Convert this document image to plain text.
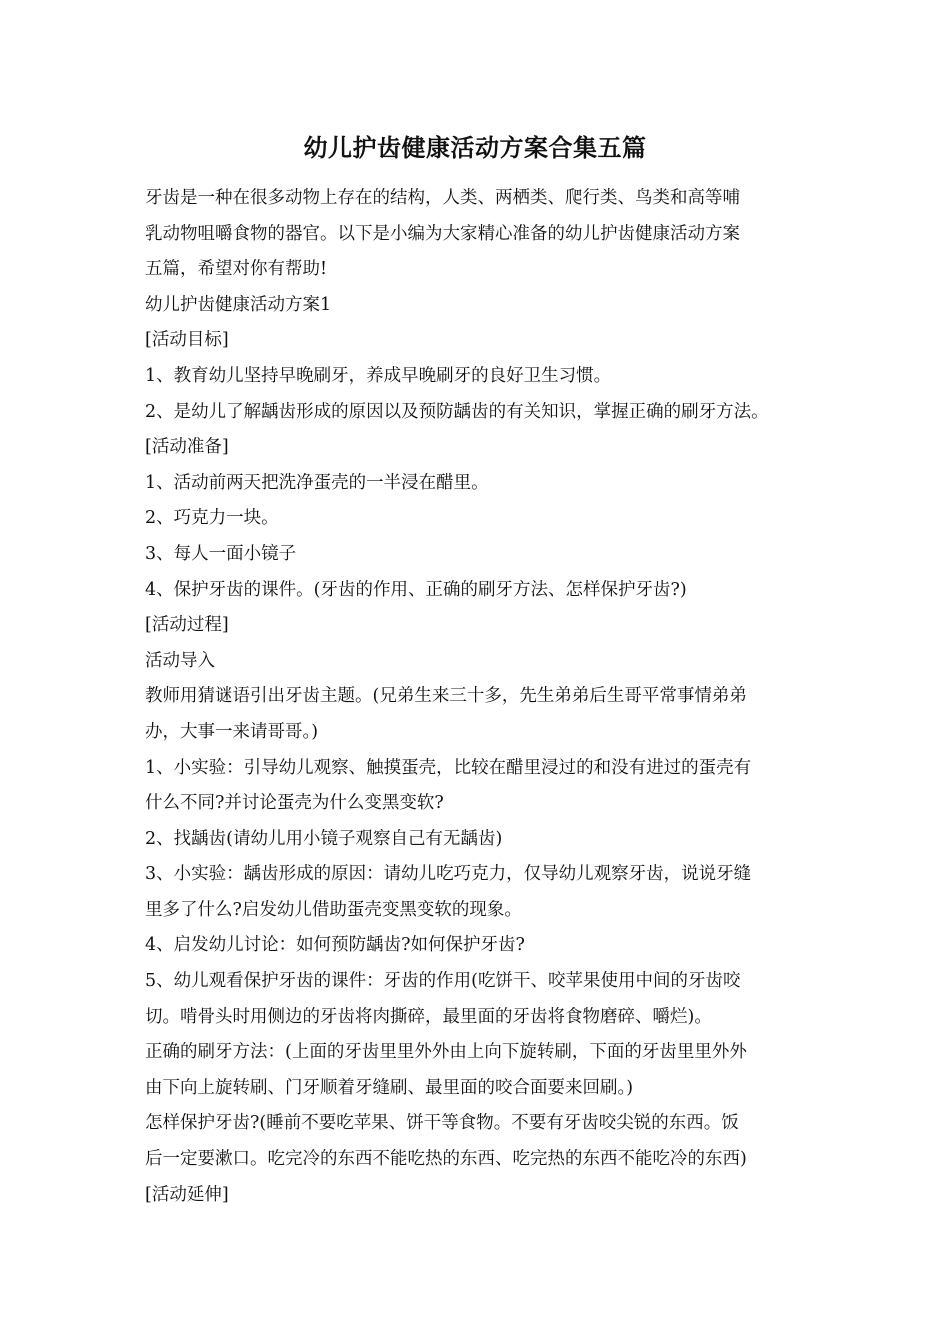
幼儿护齿健康活动方案合集五篇

牙齿是一种在很多动物上存在的结构，人类、两栖类、爬行类、鸟类和高等哺

乳动物咀嚼食物的器官。以下是小编为大家精心准备的幼儿护齿健康活动方案

五篇，希望对你有帮助!

幼儿护齿健康活动方案1

[活动目标]

1、教育幼儿坚持早晚刷牙，养成早晚刷牙的良好卫生习惯。

2、是幼儿了解龋齿形成的原因以及预防龋齿的有关知识，掌握正确的刷牙方法。

[活动准备]

1、活动前两天把洗净蛋壳的一半浸在醋里。

2、巧克力一块。

3、每人一面小镜子

4、保护牙齿的课件。(牙齿的作用、正确的刷牙方法、怎样保护牙齿?)

[活动过程]

活动导入

教师用猜谜语引出牙齿主题。(兄弟生来三十多，先生弟弟后生哥平常事情弟弟

办，大事一来请哥哥。)

1、小实验：引导幼儿观察、触摸蛋壳，比较在醋里浸过的和没有进过的蛋壳有

什么不同?并讨论蛋壳为什么变黑变软?

2、找龋齿(请幼儿用小镜子观察自己有无龋齿)

3、小实验：龋齿形成的原因：请幼儿吃巧克力，仅导幼儿观察牙齿，说说牙缝

里多了什么?启发幼儿借助蛋壳变黑变软的现象。

4、启发幼儿讨论：如何预防龋齿?如何保护牙齿?

5、幼儿观看保护牙齿的课件：牙齿的作用(吃饼干、咬苹果使用中间的牙齿咬

切。啃骨头时用侧边的牙齿将肉撕碎，最里面的牙齿将食物磨碎、嚼烂)。

正确的刷牙方法：(上面的牙齿里里外外由上向下旋转刷，下面的牙齿里里外外

由下向上旋转刷、门牙顺着牙缝刷、最里面的咬合面要来回刷。)

怎样保护牙齿?(睡前不要吃苹果、饼干等食物。不要有牙齿咬尖锐的东西。饭

后一定要漱口。吃完冷的东西不能吃热的东西、吃完热的东西不能吃冷的东西)

[活动延伸]
